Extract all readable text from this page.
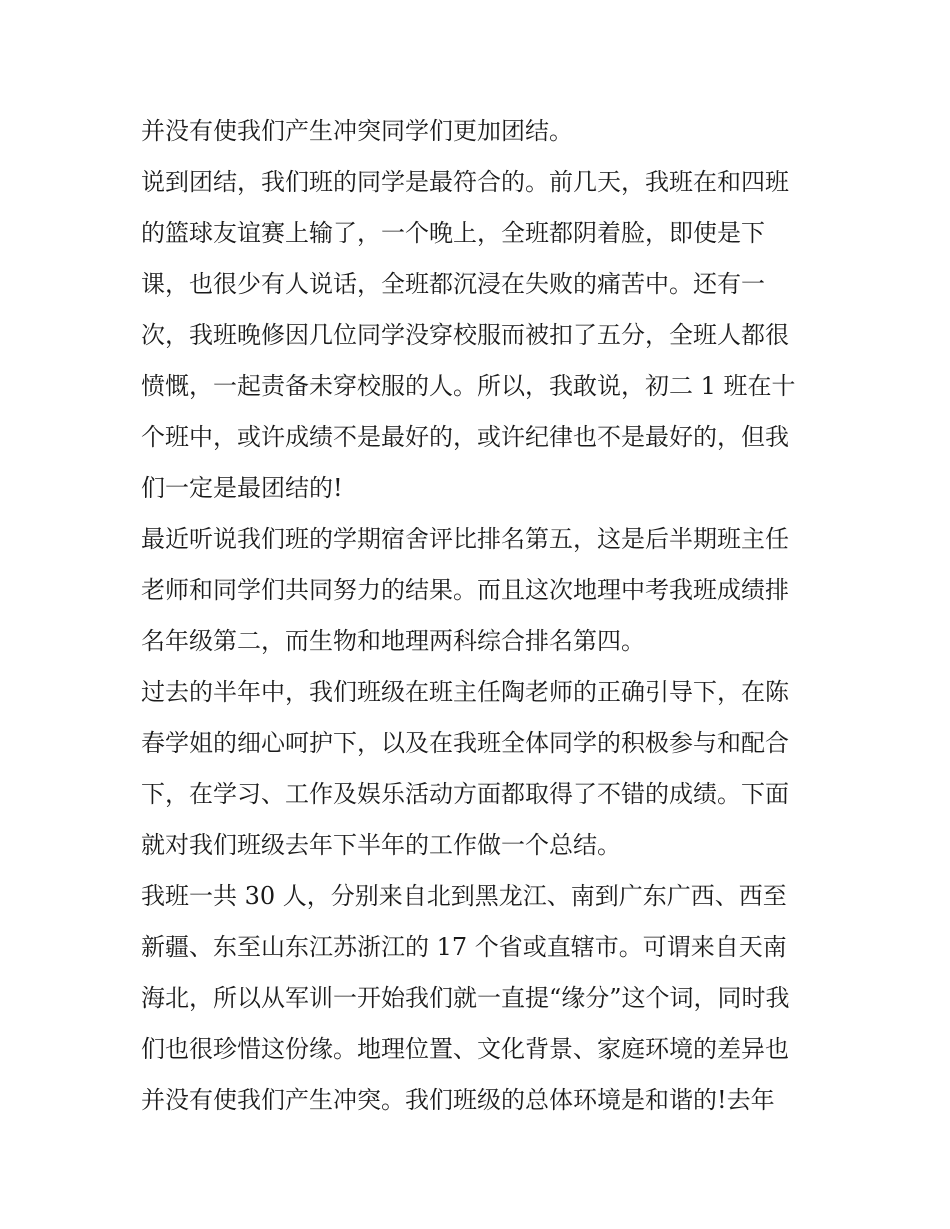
并没有使我们产生冲突同学们更加团结。
说到团结，我们班的同学是最符合的。前几天，我班在和四班
的篮球友谊赛上输了，一个晚上，全班都阴着脸，即使是下
课，也很少有人说话，全班都沉浸在失败的痛苦中。还有一
次，我班晚修因几位同学没穿校服而被扣了五分，全班人都很
愤慨，一起责备未穿校服的人。所以，我敢说，初二 1 班在十
个班中，或许成绩不是最好的，或许纪律也不是最好的，但我
们一定是最团结的!
最近听说我们班的学期宿舍评比排名第五，这是后半期班主任
老师和同学们共同努力的结果。而且这次地理中考我班成绩排
名年级第二，而生物和地理两科综合排名第四。
过去的半年中，我们班级在班主任陶老师的正确引导下，在陈
春学姐的细心呵护下，以及在我班全体同学的积极参与和配合
下，在学习、工作及娱乐活动方面都取得了不错的成绩。下面
就对我们班级去年下半年的工作做一个总结。
我班一共 30 人，分别来自北到黑龙江、南到广东广西、西至
新疆、东至山东江苏浙江的 17 个省或直辖市。可谓来自天南
海北，所以从军训一开始我们就一直提“缘分”这个词，同时我
们也很珍惜这份缘。地理位置、文化背景、家庭环境的差异也
并没有使我们产生冲突。我们班级的总体环境是和谐的!去年
